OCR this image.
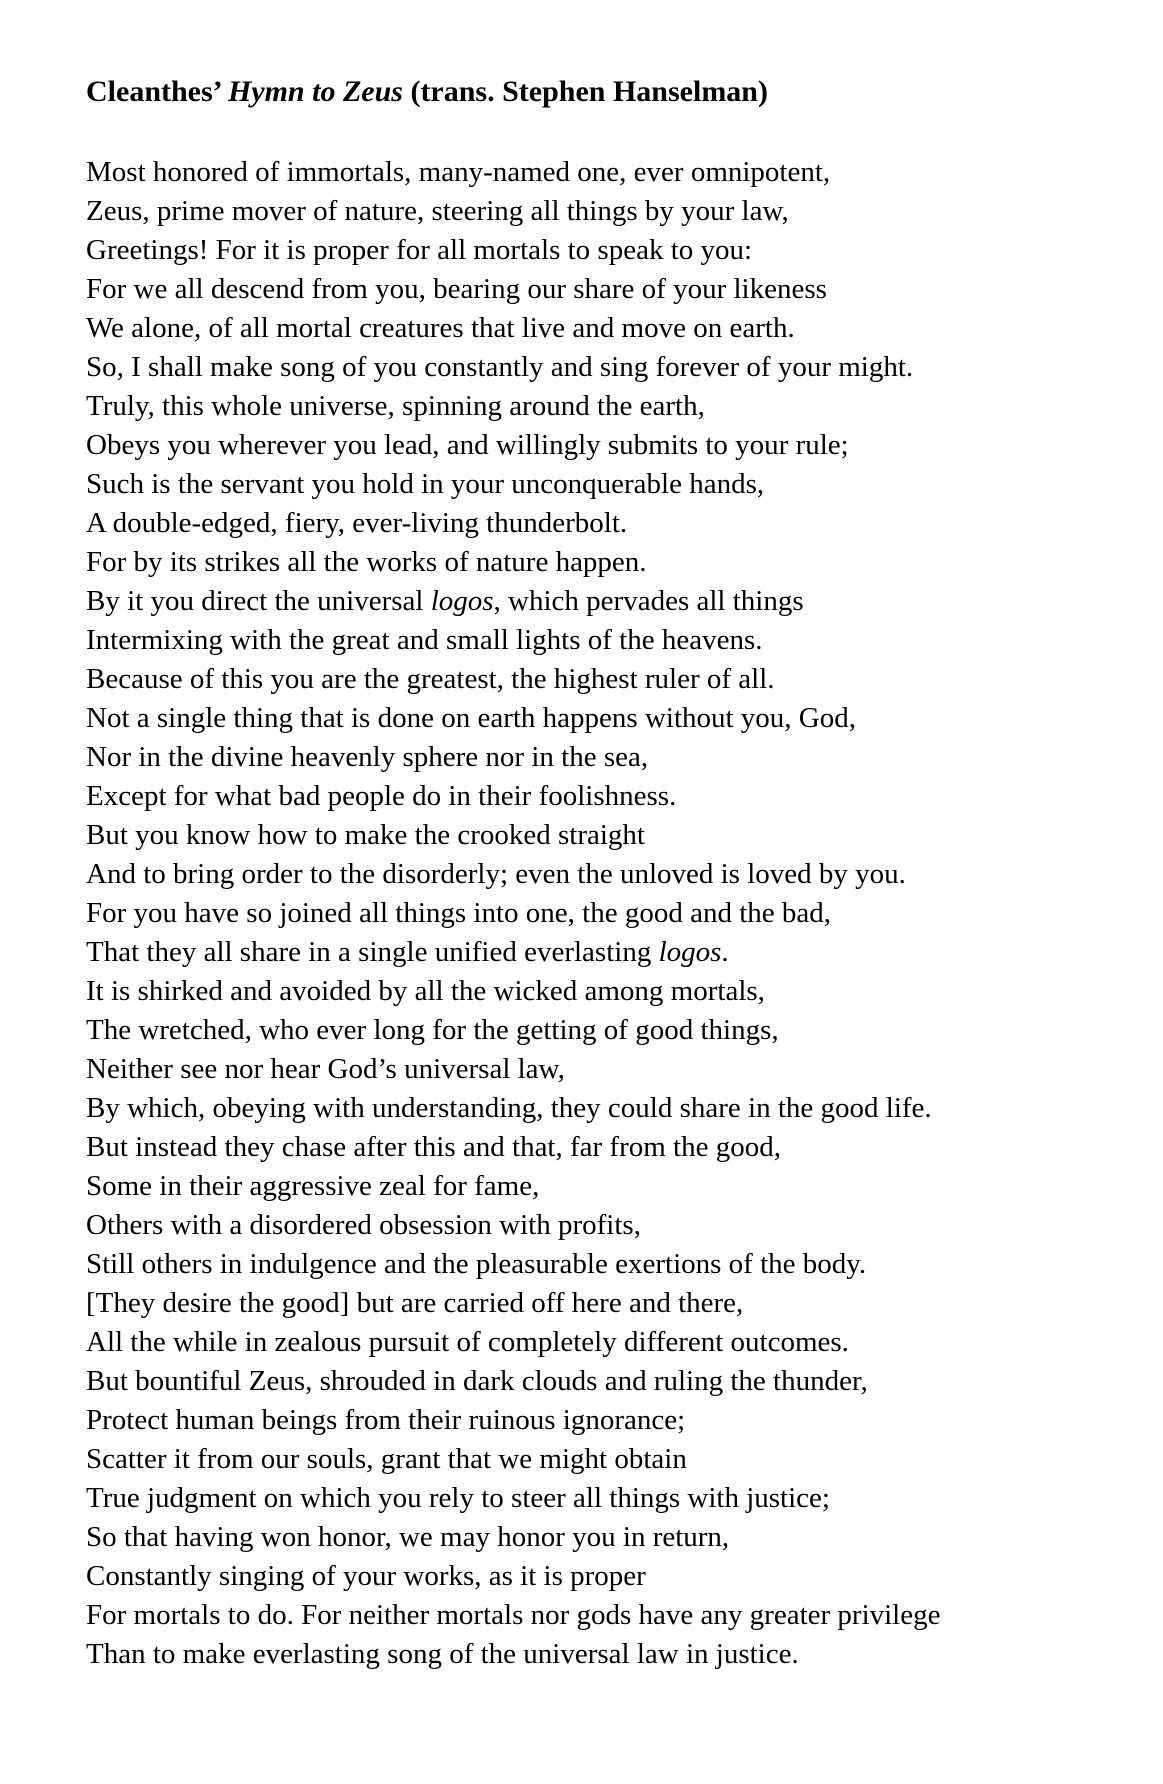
Cleanthes’ Hymn to Zeus (trans. Stephen Hanselman)
Most honored of immortals, many-named one, ever omnipotent,
Zeus, prime mover of nature, steering all things by your law,
Greetings! For it is proper for all mortals to speak to you:
For we all descend from you, bearing our share of your likeness
We alone, of all mortal creatures that live and move on earth.
So, I shall make song of you constantly and sing forever of your might.
Truly, this whole universe, spinning around the earth,
Obeys you wherever you lead, and willingly submits to your rule;
Such is the servant you hold in your unconquerable hands,
A double-edged, fiery, ever-living thunderbolt.
For by its strikes all the works of nature happen.
By it you direct the universal logos, which pervades all things
Intermixing with the great and small lights of the heavens.
Because of this you are the greatest, the highest ruler of all.
Not a single thing that is done on earth happens without you, God,
Nor in the divine heavenly sphere nor in the sea,
Except for what bad people do in their foolishness.
But you know how to make the crooked straight
And to bring order to the disorderly; even the unloved is loved by you.
For you have so joined all things into one, the good and the bad,
That they all share in a single unified everlasting logos.
It is shirked and avoided by all the wicked among mortals,
The wretched, who ever long for the getting of good things,
Neither see nor hear God’s universal law,
By which, obeying with understanding, they could share in the good life.
But instead they chase after this and that, far from the good,
Some in their aggressive zeal for fame,
Others with a disordered obsession with profits,
Still others in indulgence and the pleasurable exertions of the body.
[They desire the good] but are carried off here and there,
All the while in zealous pursuit of completely different outcomes.
But bountiful Zeus, shrouded in dark clouds and ruling the thunder,
Protect human beings from their ruinous ignorance;
Scatter it from our souls, grant that we might obtain
True judgment on which you rely to steer all things with justice;
So that having won honor, we may honor you in return,
Constantly singing of your works, as it is proper
For mortals to do. For neither mortals nor gods have any greater privilege
Than to make everlasting song of the universal law in justice.
